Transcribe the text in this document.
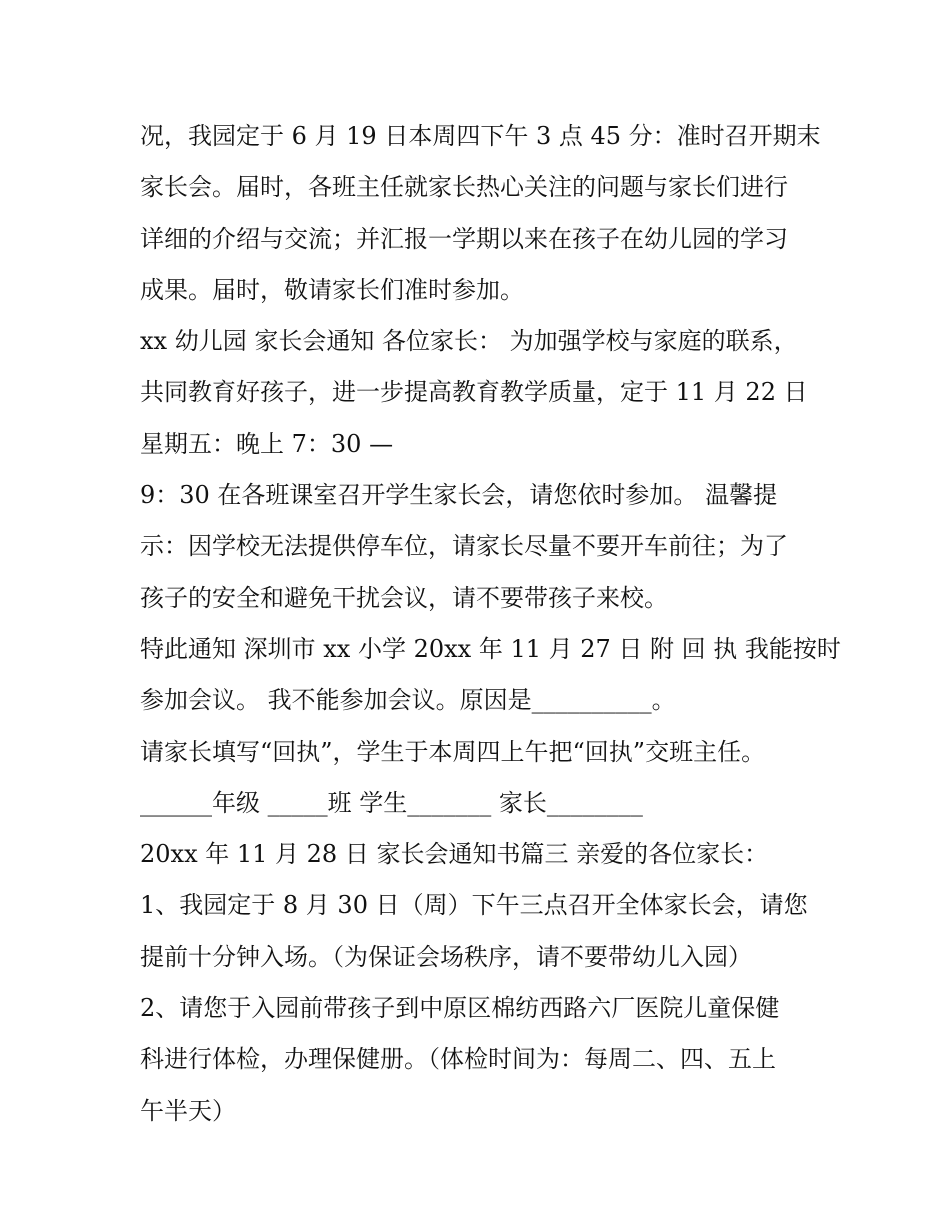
况，我园定于 6 月 19 日本周四下午 3 点 45 分：准时召开期末
家长会。届时，各班主任就家长热心关注的问题与家长们进行
详细的介绍与交流；并汇报一学期以来在孩子在幼儿园的学习
成果。届时，敬请家长们准时参加。
xx 幼儿园 家长会通知 各位家长： 为加强学校与家庭的联系，
共同教育好孩子，进一步提高教育教学质量，定于 11 月 22 日
星期五：晚上 7：30 —
9：30 在各班课室召开学生家长会，请您依时参加。 温馨提
示：因学校无法提供停车位，请家长尽量不要开车前往；为了
孩子的安全和避免干扰会议，请不要带孩子来校。
特此通知 深圳市 xx 小学 20xx 年 11 月 27 日 附 回 执 我能按时
参加会议。 我不能参加会议。原因是__________。
请家长填写“回执”，学生于本周四上午把“回执”交班主任。
______年级 _____班 学生_______ 家长________
20xx 年 11 月 28 日 家长会通知书篇三 亲爱的各位家长：
1、我园定于 8 月 30 日（周）下午三点召开全体家长会，请您
提前十分钟入场。（为保证会场秩序，请不要带幼儿入园）
2、请您于入园前带孩子到中原区棉纺西路六厂医院儿童保健
科进行体检，办理保健册。（体检时间为：每周二、四、五上
午半天）
